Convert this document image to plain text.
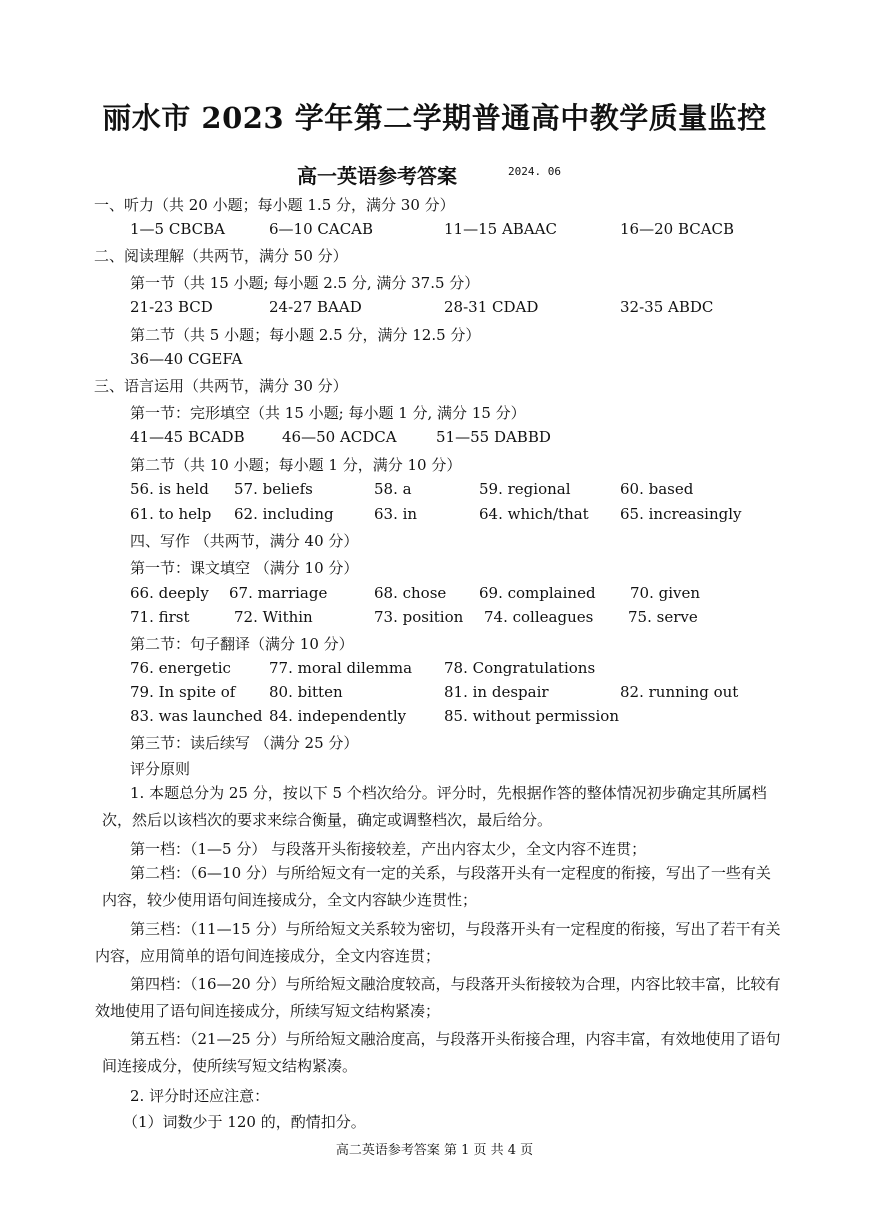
丽水市 2023 学年第二学期普通高中教学质量监控
高一英语参考答案	2024. 06
一、听力（共 20 小题；每小题 1.5 分，满分 30 分）
1—5 CBCBA	6—10 CACAB	11—15 ABAAC	16—20 BCACB
二、阅读理解（共两节，满分 50 分）
第一节（共 15 小题; 每小题 2.5 分, 满分 37.5 分）
21-23 BCD	24-27 BAAD	28-31 CDAD	32-35 ABDC
第二节（共 5 小题；每小题 2.5 分，满分 12.5 分）
36—40 CGEFA
三、语言运用（共两节，满分 30 分）
第一节：完形填空（共 15 小题; 每小题 1 分, 满分 15 分）
41—45 BCADB 46—50 ACDCA	51—55 DABBD
第二节（共 10 小题；每小题 1 分，满分 10 分）
56. is held 57. beliefs	58. a	59. regional	60. based
61. to help 62. including	63. in	64. which/that 65. increasingly
四、写作 （共两节，满分 40 分）
第一节：课文填空 （满分 10 分）
66. deeply 67. marriage	68. chose 69. complained 70. given
71. first	72. Within	73. position 74. colleagues 75. serve
第二节：句子翻译（满分 10 分）
76. energetic	77. moral dilemma 78. Congratulations
79. In spite of 80. bitten	81. in despair	82. running out
83. was launched 84. independently	85. without permission
第三节：读后续写 （满分 25 分）
评分原则
1. 本题总分为 25 分，按以下 5 个档次给分。评分时，先根据作答的整体情况初步确定其所属档次，然后以该档次的要求来综合衡量，确定或调整档次，最后给分。
第一档：（1—5 分） 与段落开头衔接较差，产出内容太少，全文内容不连贯；
第二档：（6—10 分）与所给短文有一定的关系，与段落开头有一定程度的衔接，写出了一些有关内容，较少使用语句间连接成分，全文内容缺少连贯性；
第三档：（11—15 分）与所给短文关系较为密切，与段落开头有一定程度的衔接，写出了若干有关内容，应用简单的语句间连接成分，全文内容连贯；
第四档：（16—20 分）与所给短文融洽度较高，与段落开头衔接较为合理，内容比较丰富，比较有效地使用了语句间连接成分，所续写短文结构紧凑；
第五档：（21—25 分）与所给短文融洽度高，与段落开头衔接合理，内容丰富，有效地使用了语句间连接成分，使所续写短文结构紧凑。
2. 评分时还应注意：
（1）词数少于 120 的，酌情扣分。
高二英语参考答案 第 1 页 共 4 页
